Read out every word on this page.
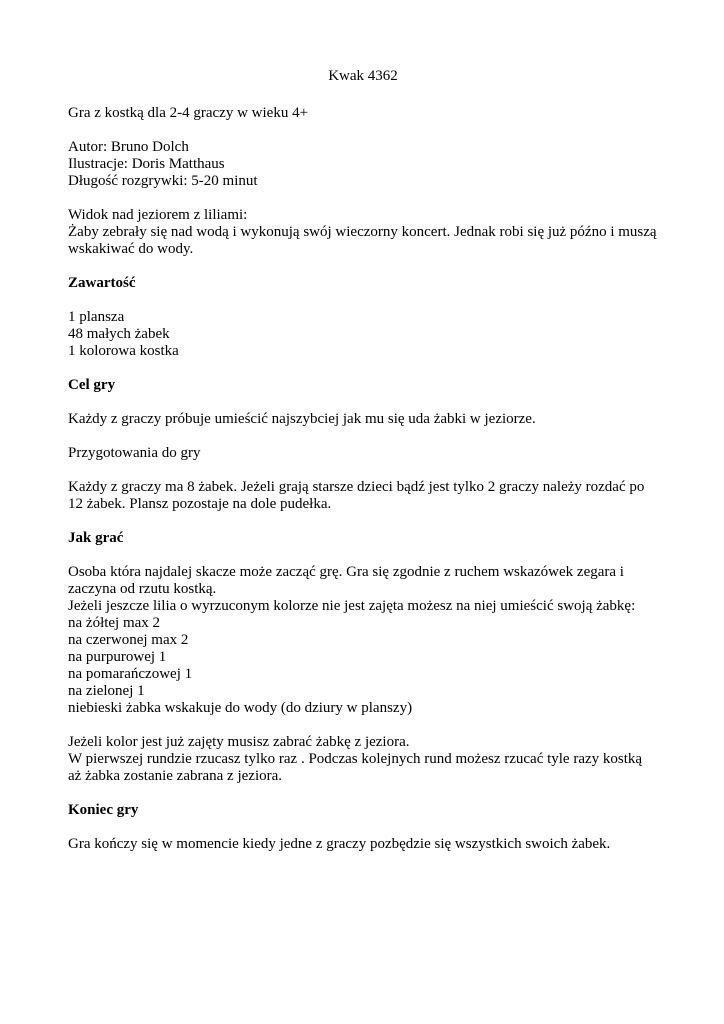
Kwak 4362
Gra z kostką dla 2-4 graczy w wieku 4+
Autor: Bruno Dolch
Ilustracje: Doris Matthaus
Długość rozgrywki: 5-20 minut
Widok nad jeziorem z liliami:
Żaby zebrały się nad wodą i wykonują swój wieczorny koncert. Jednak robi się już późno i muszą wskakiwać do wody.
Zawartość
1 plansza
48 małych żabek
1 kolorowa kostka
Cel gry
Każdy z graczy próbuje umieścić najszybciej jak mu się uda żabki w jeziorze.
Przygotowania do gry
Każdy z graczy ma 8 żabek. Jeżeli grają starsze dzieci bądź jest tylko 2 graczy należy rozdać po 12 żabek. Plansz pozostaje na dole pudełka.
Jak grać
Osoba która najdalej skacze może zacząć grę. Gra się zgodnie z ruchem wskazówek zegara i zaczyna od rzutu kostką.
Jeżeli jeszcze lilia o wyrzuconym kolorze nie jest zajęta możesz na niej umieścić swoją żabkę:
na żółtej max 2
na czerwonej max 2
na purpurowej 1
na pomarańczowej 1
na zielonej 1
niebieski żabka wskakuje do wody (do dziury w planszy)
Jeżeli kolor jest już zajęty musisz zabrać żabkę z jeziora.
W pierwszej rundzie rzucasz tylko raz . Podczas kolejnych rund możesz rzucać tyle razy kostką aż żabka zostanie zabrana z jeziora.
Koniec gry
Gra kończy się w momencie kiedy jedne z graczy pozbędzie się wszystkich swoich żabek.
